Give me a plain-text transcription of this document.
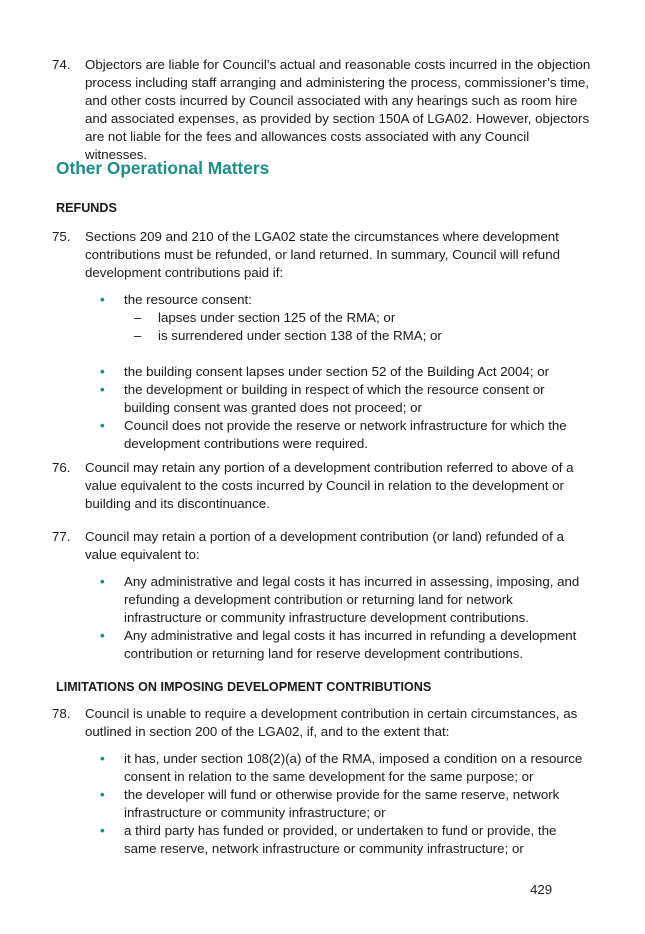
74. Objectors are liable for Council’s actual and reasonable costs incurred in the objection process including staff arranging and administering the process, commissioner’s time, and other costs incurred by Council associated with any hearings such as room hire and associated expenses, as provided by section 150A of LGA02. However, objectors are not liable for the fees and allowances costs associated with any Council witnesses.
Other Operational Matters
REFUNDS
75. Sections 209 and 210 of the LGA02 state the circumstances where development contributions must be refunded, or land returned. In summary, Council will refund development contributions paid if:
• the resource consent:
– lapses under section 125 of the RMA; or
– is surrendered under section 138 of the RMA; or
• the building consent lapses under section 52 of the Building Act 2004; or
• the development or building in respect of which the resource consent or building consent was granted does not proceed; or
• Council does not provide the reserve or network infrastructure for which the development contributions were required.
76. Council may retain any portion of a development contribution referred to above of a value equivalent to the costs incurred by Council in relation to the development or building and its discontinuance.
77. Council may retain a portion of a development contribution (or land) refunded of a value equivalent to:
• Any administrative and legal costs it has incurred in assessing, imposing, and refunding a development contribution or returning land for network infrastructure or community infrastructure development contributions.
• Any administrative and legal costs it has incurred in refunding a development contribution or returning land for reserve development contributions.
LIMITATIONS ON IMPOSING DEVELOPMENT CONTRIBUTIONS
78. Council is unable to require a development contribution in certain circumstances, as outlined in section 200 of the LGA02, if, and to the extent that:
• it has, under section 108(2)(a) of the RMA, imposed a condition on a resource consent in relation to the same development for the same purpose; or
• the developer will fund or otherwise provide for the same reserve, network infrastructure or community infrastructure; or
• a third party has funded or provided, or undertaken to fund or provide, the same reserve, network infrastructure or community infrastructure; or
429
